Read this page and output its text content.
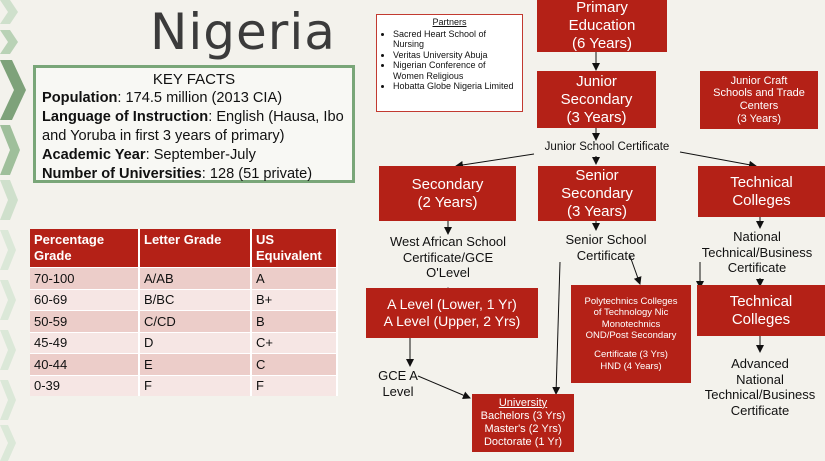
Nigeria
KEY FACTS
Population: 174.5 million (2013 CIA)
Language of Instruction: English (Hausa, Ibo and Yoruba in first 3 years of primary)
Academic Year: September-July
Number of Universities: 128 (51 private)
Percentage Grade	Letter Grade	US Equivalent
70-100	A/AB	A
60-69	B/BC	B+
50-59	C/CD	B
45-49	D	C+
40-44	E	C
0-39	F	F
Partners
• Sacred Heart School of Nursing
• Veritas University Abuja
• Nigerian Conference of Women Religious
• Hobatta Globe Nigeria Limited
Primary
Education
(6 Years)
Junior
Secondary
(3 Years)
Junior Craft
Schools and Trade
Centers
(3 Years)
Junior School Certificate
Secondary
(2 Years)
Senior
Secondary
(3 Years)
Technical
Colleges
West African School
Certificate/GCE
O'Level
Senior School
Certificate
National
Technical/Business
Certificate
A Level (Lower, 1 Yr)
A Level (Upper, 2 Yrs)
Polytechnics Colleges
of Technology Nic
Monotechnics
OND/Post Secondary
Certificate (3 Yrs)
HND (4 Years)
Technical
Colleges
GCE A
Level
University
Bachelors (3 Yrs)
Master's (2 Yrs)
Doctorate (1 Yr)
Advanced
National
Technical/Business
Certificate
